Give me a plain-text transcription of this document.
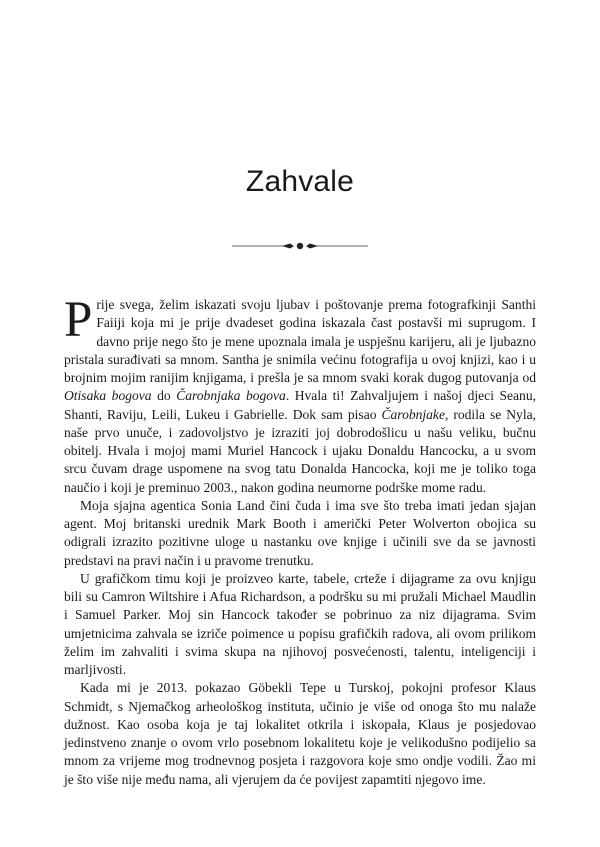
Zahvale

Prije svega, želim iskazati svoju ljubav i poštovanje prema fotografkinji Santhi Faiiji koja mi je prije dvadeset godina iskazala čast postavši mi suprugom. I davno prije nego što je mene upoznala imala je uspješnu karijeru, ali je ljubazno pristala surađivati sa mnom. Santha je snimila većinu fotografija u ovoj knjizi, kao i u brojnim mojim ranijim knjigama, i prešla je sa mnom svaki korak dugog putovanja od Otisaka bogova do Čarobnjaka bogova. Hvala ti! Zahvaljujem i našoj djeci Seanu, Shanti, Raviju, Leili, Lukeu i Gabrielle. Dok sam pisao Čarobnjake, rodila se Nyla, naše prvo unuče, i zadovoljstvo je izraziti joj dobrodošlicu u našu veliku, bučnu obitelj. Hvala i mojoj mami Muriel Hancock i ujaku Donaldu Hancocku, a u svom srcu čuvam drage uspomene na svog tatu Donalda Hancocka, koji me je toliko toga naučio i koji je preminuo 2003., nakon godina neumorne podrške mome radu.

Moja sjajna agentica Sonia Land čini čuda i ima sve što treba imati jedan sjajan agent. Moj britanski urednik Mark Booth i američki Peter Wolverton obojica su odigrali izrazito pozitivne uloge u nastanku ove knjige i učinili sve da se javnosti predstavi na pravi način i u pravome trenutku.

U grafičkom timu koji je proizveo karte, tabele, crteže i dijagrame za ovu knjigu bili su Camron Wiltshire i Afua Richardson, a podršku su mi pružali Michael Maudlin i Samuel Parker. Moj sin Hancock također se pobrinuo za niz dijagrama. Svim umjetnicima zahvala se izriče poimence u popisu grafičkih radova, ali ovom prilikom želim im zahvaliti i svima skupa na njihovoj posvećenosti, talentu, inteligenciji i marljivosti.

Kada mi je 2013. pokazao Göbekli Tepe u Turskoj, pokojni profesor Klaus Schmidt, s Njemačkog arheološkog instituta, učinio je više od onoga što mu nalaže dužnost. Kao osoba koja je taj lokalitet otkrila i iskopala, Klaus je posjedovao jedinstveno znanje o ovom vrlo posebnom lokalitetu koje je velikodušno podijelio sa mnom za vrijeme mog trodnevnog posjeta i razgovora koje smo ondje vodili. Žao mi je što više nije među nama, ali vjerujem da će povijest zapamtiti njegovo ime.
